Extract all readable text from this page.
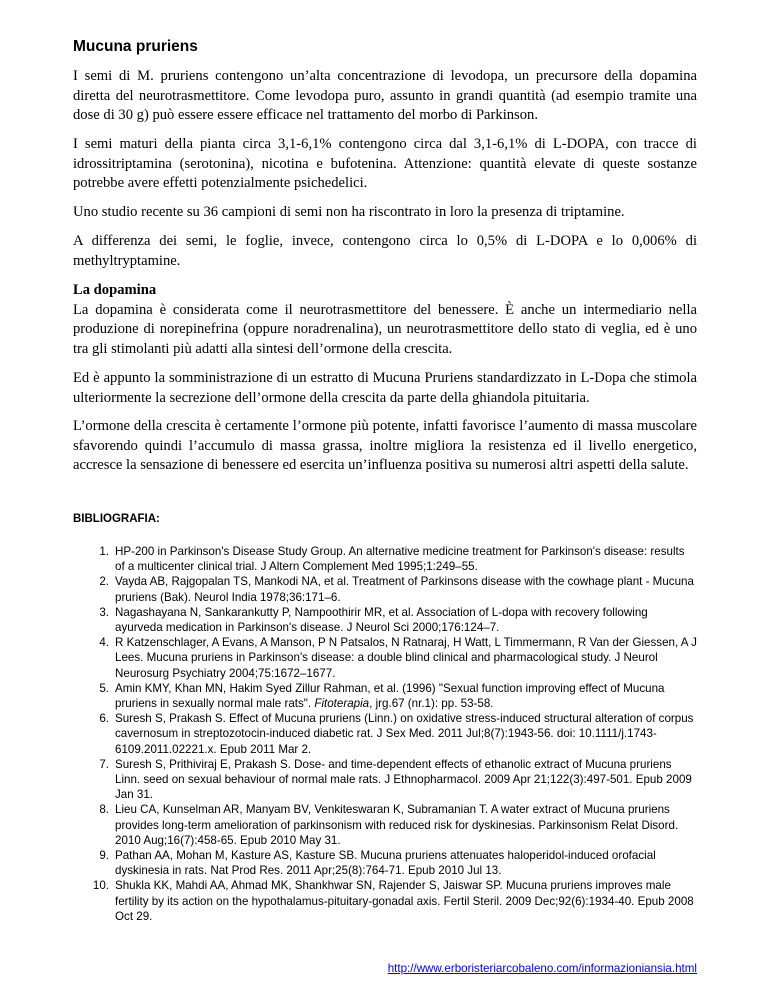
Mucuna pruriens

I semi di M. pruriens contengono un’alta concentrazione di levodopa, un precursore della dopamina diretta del neurotrasmettitore. Come levodopa puro, assunto in grandi quantità (ad esempio tramite una dose di 30 g) può essere essere efficace nel trattamento del morbo di Parkinson.

I semi maturi della pianta circa 3,1-6,1% contengono circa dal 3,1-6,1% di L-DOPA, con tracce di idrossitriptamina (serotonina), nicotina e bufotenina. Attenzione: quantità elevate di queste sostanze potrebbe avere effetti potenzialmente psichedelici.

Uno studio recente su 36 campioni di semi non ha riscontrato in loro la presenza di triptamine.

A differenza dei semi, le foglie, invece, contengono circa lo 0,5% di L-DOPA e lo 0,006% di methyltryptamine.

La dopamina

La dopamina è considerata come il neurotrasmettitore del benessere. È anche un intermediario nella produzione di norepinefrina (oppure noradrenalina), un neurotrasmettitore dello stato di veglia, ed è uno tra gli stimolanti più adatti alla sintesi dell’ormone della crescita.

Ed è appunto la somministrazione di un estratto di Mucuna Pruriens standardizzato in L-Dopa che stimola ulteriormente la secrezione dell’ormone della crescita da parte della ghiandola pituitaria.

L’ormone della crescita è certamente l’ormone più potente, infatti favorisce l’aumento di massa muscolare sfavorendo quindi l’accumulo di massa grassa, inoltre migliora la resistenza ed il livello energetico, accresce la sensazione di benessere ed esercita un’influenza positiva su numerosi altri aspetti della salute.

BIBLIOGRAFIA:
1. HP-200 in Parkinson's Disease Study Group. An alternative medicine treatment for Parkinson's disease: results of a multicenter clinical trial. J Altern Complement Med 1995;1:249–55.
2. Vayda AB, Rajgopalan TS, Mankodi NA, et al. Treatment of Parkinsons disease with the cowhage plant - Mucuna pruriens (Bak). Neurol India 1978;36:171–6.
3. Nagashayana N, Sankarankutty P, Nampoothirir MR, et al. Association of L-dopa with recovery following ayurveda medication in Parkinson's disease. J Neurol Sci 2000;176:124–7.
4. R Katzenschlager, A Evans, A Manson, P N Patsalos, N Ratnaraj, H Watt, L Timmermann, R Van der Giessen, A J Lees. Mucuna pruriens in Parkinson's disease: a double blind clinical and pharmacological study. J Neurol Neurosurg Psychiatry 2004;75:1672–1677.
5. Amin KMY, Khan MN, Hakim Syed Zillur Rahman, et al. (1996) "Sexual function improving effect of Mucuna pruriens in sexually normal male rats". Fitoterapia, jrg.67 (nr.1): pp. 53-58.
6. Suresh S, Prakash S. Effect of Mucuna pruriens (Linn.) on oxidative stress-induced structural alteration of corpus cavernosum in streptozotocin-induced diabetic rat. J Sex Med. 2011 Jul;8(7):1943-56. doi: 10.1111/j.1743-6109.2011.02221.x. Epub 2011 Mar 2.
7. Suresh S, Prithiviraj E, Prakash S. Dose- and time-dependent effects of ethanolic extract of Mucuna pruriens Linn. seed on sexual behaviour of normal male rats. J Ethnopharmacol. 2009 Apr 21;122(3):497-501. Epub 2009 Jan 31.
8. Lieu CA, Kunselman AR, Manyam BV, Venkiteswaran K, Subramanian T. A water extract of Mucuna pruriens provides long-term amelioration of parkinsonism with reduced risk for dyskinesias. Parkinsonism Relat Disord. 2010 Aug;16(7):458-65. Epub 2010 May 31.
9. Pathan AA, Mohan M, Kasture AS, Kasture SB. Mucuna pruriens attenuates haloperidol-induced orofacial dyskinesia in rats. Nat Prod Res. 2011 Apr;25(8):764-71. Epub 2010 Jul 13.
10. Shukla KK, Mahdi AA, Ahmad MK, Shankhwar SN, Rajender S, Jaiswar SP. Mucuna pruriens improves male fertility by its action on the hypothalamus-pituitary-gonadal axis. Fertil Steril. 2009 Dec;92(6):1934-40. Epub 2008 Oct 29.
http://www.erboristeriarcobaleno.com/informazioniansia.html
